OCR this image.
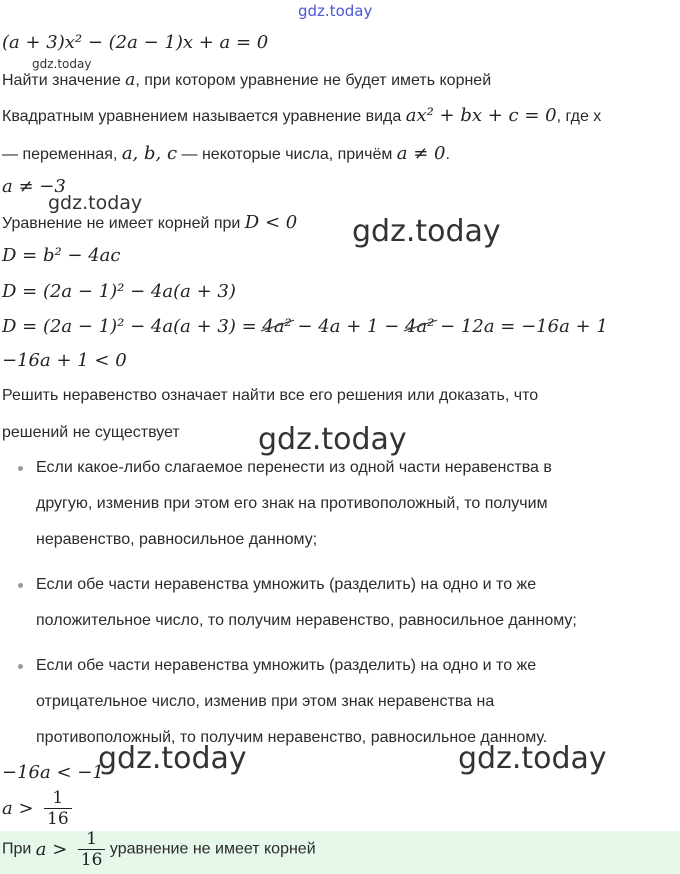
gdz.today
gdz.today
gdz.today
gdz.today
gdz.today
gdz.today	gdz.today
(a + 3)x² − (2a − 1)x + a = 0
Найти значение a, при котором уравнение не будет иметь корней
Квадратным уравнением называется уравнение вида ax² + bx + c = 0, где x
— переменная, a, b, c — некоторые числа, причём a ≠ 0.
a ≠ −3
Уравнение не имеет корней при D < 0
D = b² − 4ac
D = (2a − 1)² − 4a(a + 3)
D = (2a − 1)² − 4a(a + 3) = 4a² − 4a + 1 − 4a² − 12a = −16a + 1
−16a + 1 < 0
Решить неравенство означает найти все его решения или доказать, что
решений не существует
Если какое-либо слагаемое перенести из одной части неравенства в
другую, изменив при этом его знак на противоположный, то получим
неравенство, равносильное данному;
Если обе части неравенства умножить (разделить) на одно и то же
положительное число, то получим неравенство, равносильное данному;
Если обе части неравенства умножить (разделить) на одно и то же
отрицательное число, изменив при этом знак неравенства на
противоположный, то получим неравенство, равносильное данному.
−16a < −1
$a > \frac{1}{16}$
При $a > \frac{1}{16}$ уравнение не имеет корней
